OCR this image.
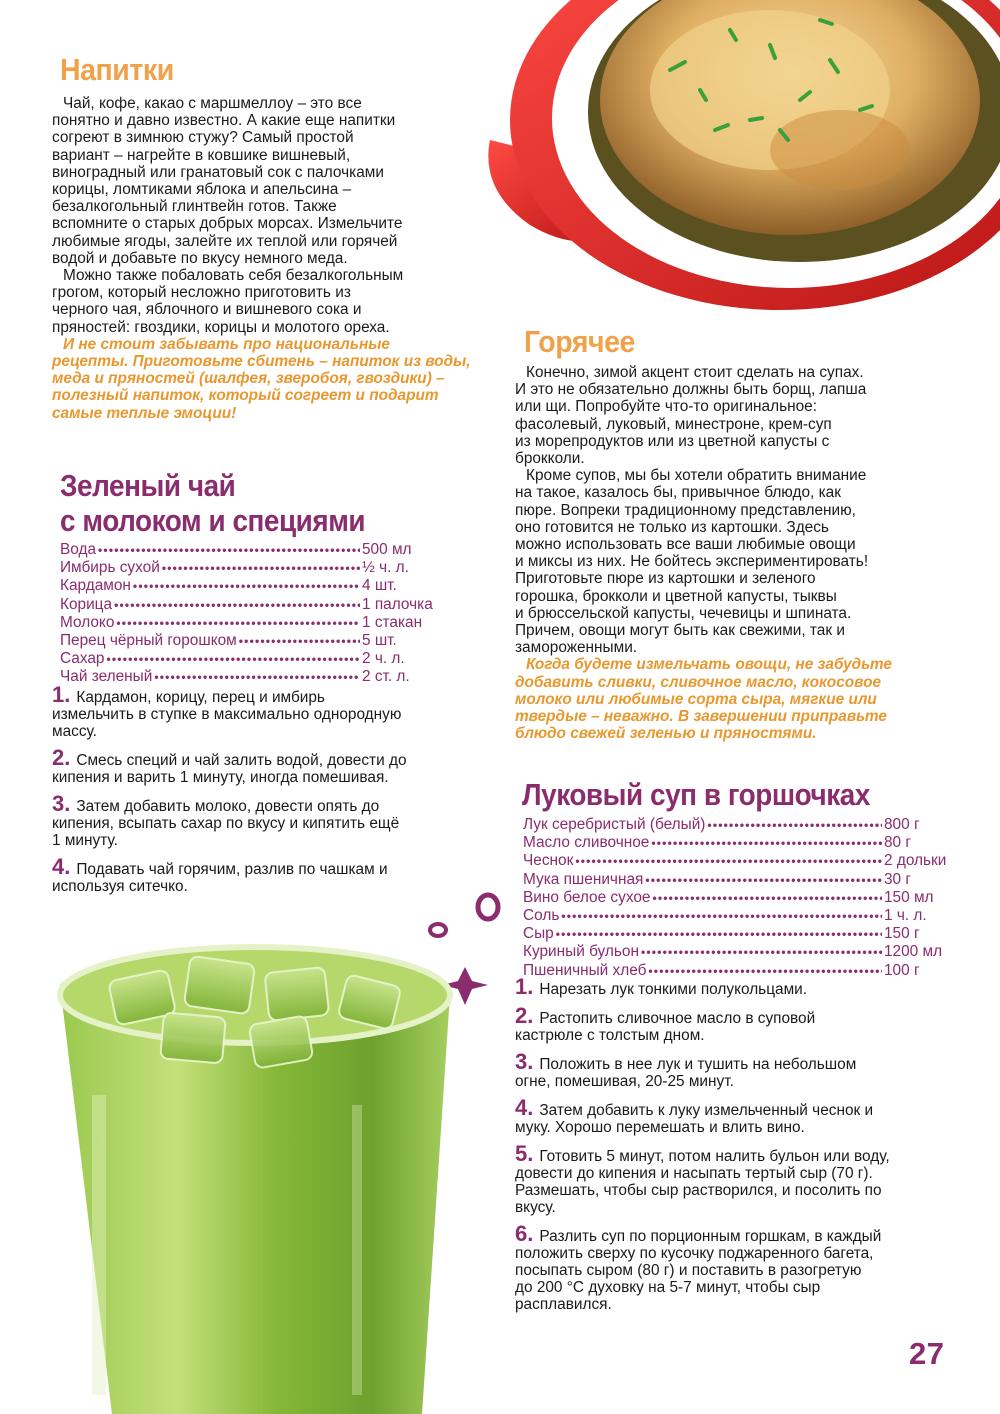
Напитки

Чай, кофе, какао с маршмеллоу – это все

понятно и давно известно. А какие еще напитки

согреют в зимнюю стужу? Самый простой

вариант – нагрейте в ковшике вишневый,

виноградный или гранатовый сок с палочками

корицы, ломтиками яблока и апельсина –

безалкогольный глинтвейн готов. Также

вспомните о старых добрых морсах. Измельчите

любимые ягоды, залейте их теплой или горячей

водой и добавьте по вкусу немного меда.

Можно также побаловать себя безалкогольным

грогом, который несложно приготовить из

черного чая, яблочного и вишневого сока и

пряностей: гвоздики, корицы и молотого ореха.

И не стоит забывать про национальные

рецепты. Приготовьте сбитень – напиток из воды,

меда и пряностей (шалфея, зверобоя, гвоздики) –

полезный напиток, который согреет и подарит

самые теплые эмоции!

Зеленый чай
с молоком и специями
Вода •••••	500 мл
Имбирь сухой •••••	½ ч. л.
Кардамон •••••	4 шт.
Корица •••••	1 палочка
Молоко •••••	1 стакан
Перец чёрный горошком •••••	5 шт.
Сахар •••••	2 ч. л.
Чай зеленый •••••	2 ст. л.
1. Кардамон, корицу, перец и имбирь
измельчить в ступке в максимально однородную
массу.
2. Смесь специй и чай залить водой, довести до
кипения и варить 1 минуту, иногда помешивая.
3. Затем добавить молоко, довести опять до
кипения, всыпать сахар по вкусу и кипятить ещё
1 минуту.
4. Подавать чай горячим, разлив по чашкам и
используя ситечко.
Горячее

Конечно, зимой акцент стоит сделать на супах.

И это не обязательно должны быть борщ, лапша

или щи. Попробуйте что-то оригинальное:

фасолевый, луковый, минестроне, крем-суп

из морепродуктов или из цветной капусты с

брокколи.

Кроме супов, мы бы хотели обратить внимание

на такое, казалось бы, привычное блюдо, как

пюре. Вопреки традиционному представлению,

оно готовится не только из картошки. Здесь

можно использовать все ваши любимые овощи

и миксы из них. Не бойтесь экспериментировать!

Приготовьте пюре из картошки и зеленого

горошка, брокколи и цветной капусты, тыквы

и брюссельской капусты, чечевицы и шпината.

Причем, овощи могут быть как свежими, так и

замороженными.

Когда будете измельчать овощи, не забудьте

добавить сливки, сливочное масло, кокосовое

молоко или любимые сорта сыра, мягкие или

твердые – неважно. В завершении приправьте

блюдо свежей зеленью и пряностями.

Луковый суп в горшочках
Лук серебристый (белый) •••••	800 г
Масло сливочное •••••	80 г
Чеснок •••••	2 дольки
Мука пшеничная •••••	30 г
Вино белое сухое •••••	150 мл
Соль •••••	1 ч. л.
Сыр •••••	150 г
Куриный бульон •••••	1200 мл
Пшеничный хлеб •••••	100 г
1. Нарезать лук тонкими полукольцами.
2. Растопить сливочное масло в суповой
кастрюле с толстым дном.
3. Положить в нее лук и тушить на небольшом
огне, помешивая, 20-25 минут.
4. Затем добавить к луку измельченный чеснок и
муку. Хорошо перемешать и влить вино.
5. Готовить 5 минут, потом налить бульон или воду,
довести до кипения и насыпать тертый сыр (70 г).
Размешать, чтобы сыр растворился, и посолить по
вкусу.
6. Разлить суп по порционным горшкам, в каждый
положить сверху по кусочку поджаренного багета,
посыпать сыром (80 г) и поставить в разогретую
до 200 °С духовку на 5-7 минут, чтобы сыр
расплавился.
27
